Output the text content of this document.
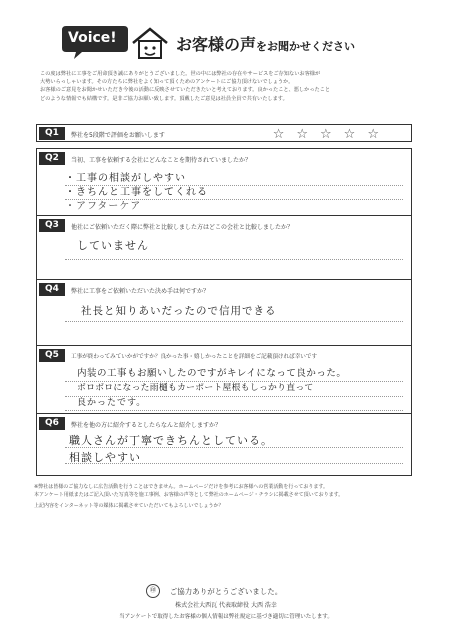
Voice!	お客様の声をお聞かせください

この度は弊社に工事をご用命頂き誠にありがとうございました。世の中には弊社の存在やサービスをご存知ないお客様が

大勢いらっしゃいます。その方たちに弊社をよく知って頂くためのアンケートにご協力頂けないでしょうか。

お客様のご意見をお聞かせいただき今後の活動に反映させていただきたいと考えております。良かったこと、悪しかったこと

どのような情報でも結構です。是非ご協力お願い致します。頂戴したご意見は社員全員で共有いたします。

Q1	弊社を5段階で評価をお願いします	☆☆☆☆☆
Q2	当初、工事を依頼する会社にどんなことを期待されていましたか？
・工事の相談がしやすい
・きちんと工事をしてくれる
・アフターケア
Q3	他社にご依頼いただく際に弊社と比較しました方はどこの会社と比較しましたか？
していません
Q4	弊社に工事をご依頼いただいた決め手は何ですか？
社長と知りあいだったので信用できる
Q5	工事が終わってみていかがですか？良かった事・嬉しかったことを詳細をご記載頂ければ幸いです
内装の工事もお願いしたのですがキレイになって良かった。
ボロボロになった雨樋もカーポート屋根もしっかり直って
良かったです。
Q6	弊社を他の方に紹介するとしたらなんと紹介しますか？
職人さんが丁寧できちんとしている。
相談しやすい

※弊社は皆様のご協力なしに広告活動を行うことはできません。ホームページだけを参考にお客様への営業活動を行っております。

本アンケート用紙またはご記入頂いた写真等を施工事例、お客様の声等として弊社のホームページ・チラシに掲載させて頂いております。

上記内容をインターネット等の媒体に掲載させていただいてもよろしいでしょうか？

㊞	ご協力ありがとうございました。
株式会社大西瓦 代表取締役 大西 浩幸
当アンケートで取得したお客様の個人情報は弊社規定に基づき適切に管理いたします。
